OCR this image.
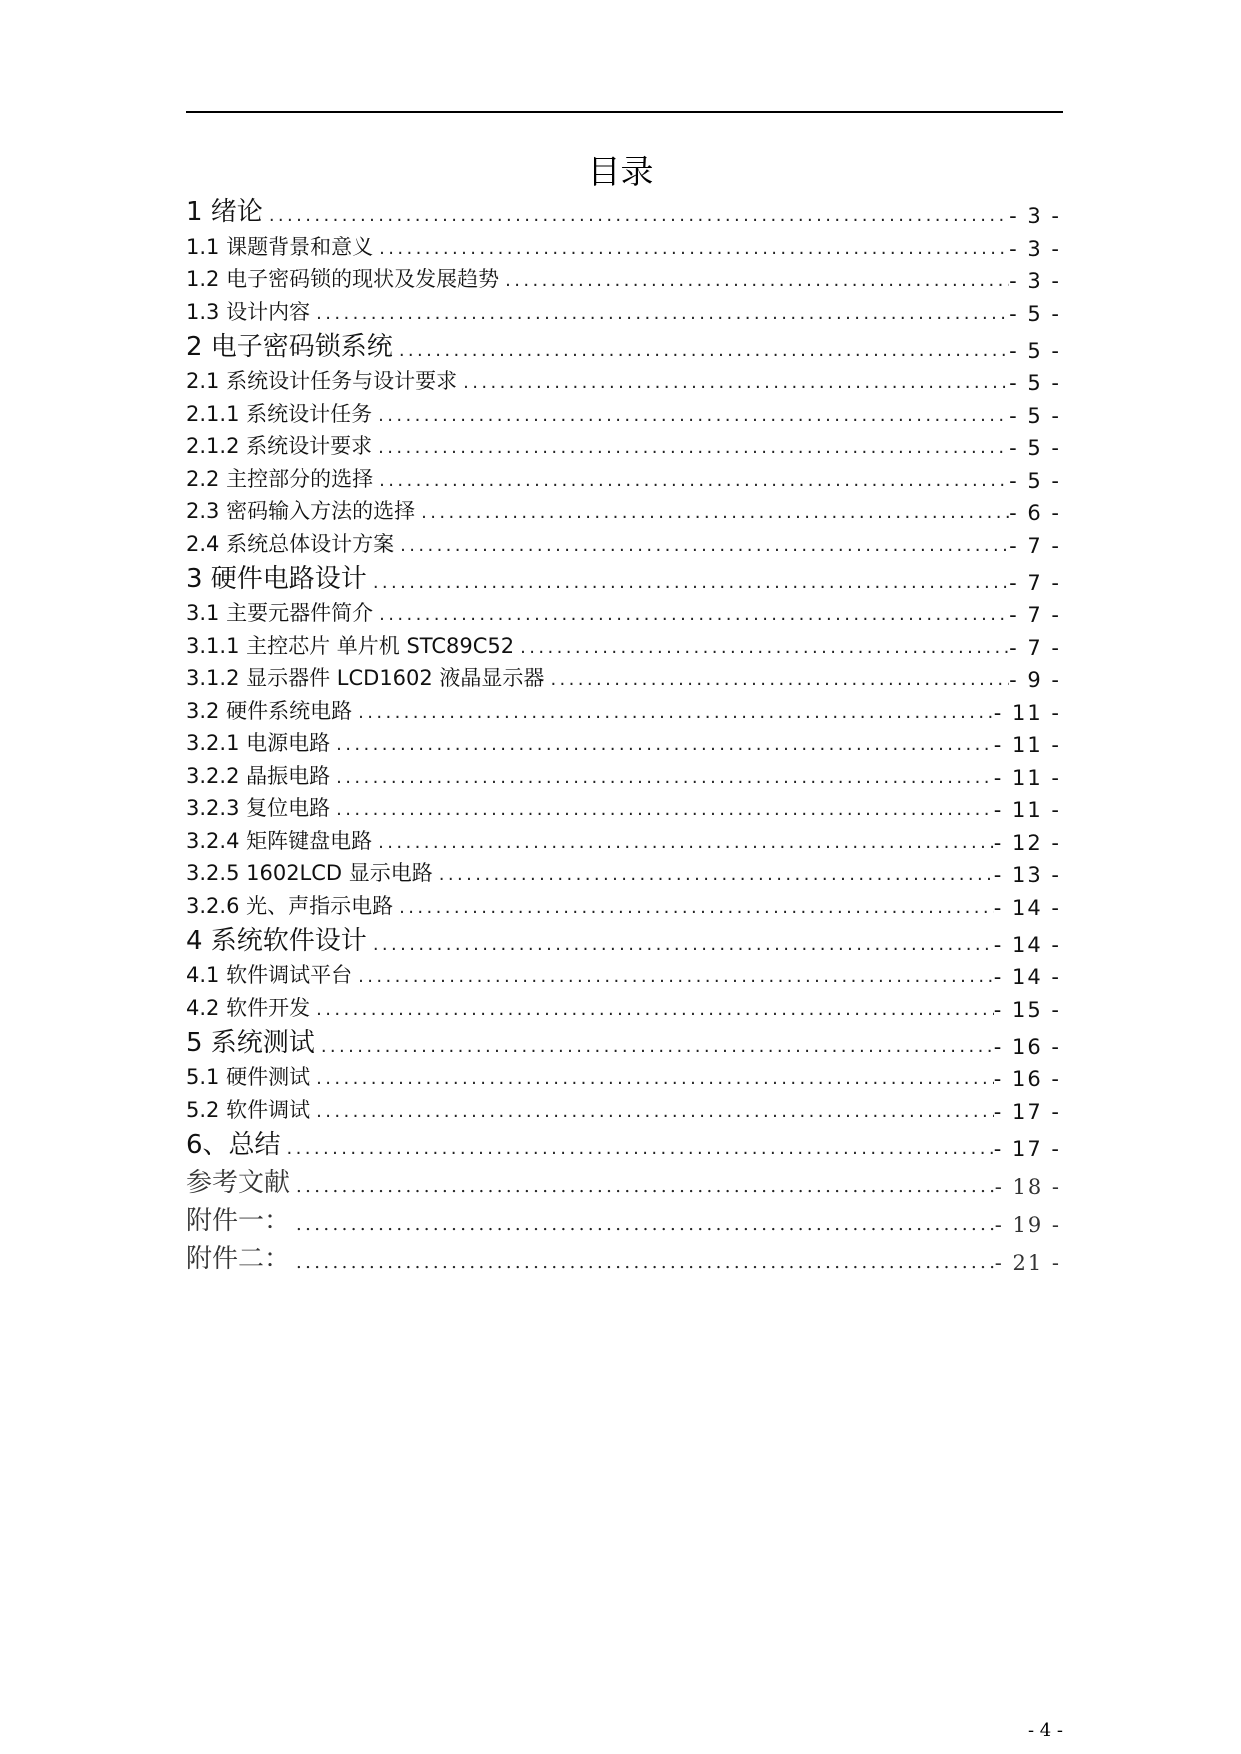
目录
1 绪论 .....	- 3 -
1.1 课题背景和意义 .....	- 3 -
1.2 电子密码锁的现状及发展趋势 .....	- 3 -
1.3 设计内容 .....	- 5 -
2 电子密码锁系统 .....	- 5 -
2.1 系统设计任务与设计要求 .....	- 5 -
2.1.1 系统设计任务 .....	- 5 -
2.1.2 系统设计要求 .....	- 5 -
2.2 主控部分的选择 .....	- 5 -
2.3 密码输入方法的选择 .....	- 6 -
2.4 系统总体设计方案 .....	- 7 -
3 硬件电路设计 .....	- 7 -
3.1 主要元器件简介 .....	- 7 -
3.1.1 主控芯片 单片机 STC89C52 .....	- 7 -
3.1.2 显示器件 LCD1602 液晶显示器 .....	- 9 -
3.2 硬件系统电路 .....	- 11 -
3.2.1 电源电路 .....	- 11 -
3.2.2 晶振电路 .....	- 11 -
3.2.3 复位电路 .....	- 11 -
3.2.4 矩阵键盘电路 .....	- 12 -
3.2.5 1602LCD 显示电路 .....	- 13 -
3.2.6 光、声指示电路 .....	- 14 -
4 系统软件设计 .....	- 14 -
4.1 软件调试平台 .....	- 14 -
4.2 软件开发 .....	- 15 -
5 系统测试 .....	- 16 -
5.1 硬件测试 .....	- 16 -
5.2 软件调试 .....	- 17 -
6、总结 .....	- 17 -
参考文献 .....	- 18 -
附件一： .....	- 19 -
附件二： .....	- 21 -
- 4 -
